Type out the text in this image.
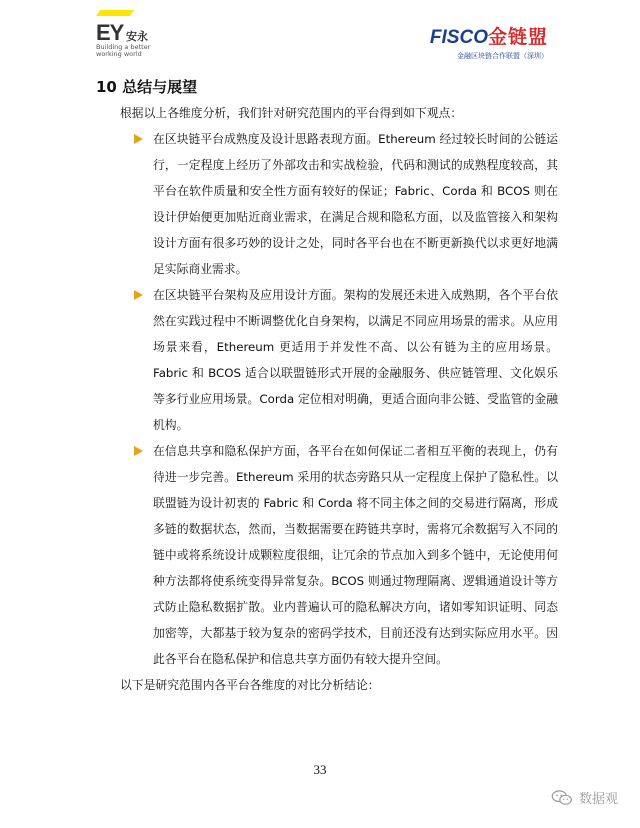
EY 安永
Building a better working world
FISCO金链盟
金融区块链合作联盟（深圳）
10 总结与展望
根据以上各维度分析，我们针对研究范围内的平台得到如下观点：
在区块链平台成熟度及设计思路表现方面。Ethereum 经过较长时间的公链运行，一定程度上经历了外部攻击和实战检验，代码和测试的成熟程度较高，其平台在软件质量和安全性方面有较好的保证；Fabric、Corda 和 BCOS 则在设计伊始便更加贴近商业需求，在满足合规和隐私方面，以及监管接入和架构设计方面有很多巧妙的设计之处，同时各平台也在不断更新换代以求更好地满足实际商业需求。
在区块链平台架构及应用设计方面。架构的发展还未进入成熟期，各个平台依然在实践过程中不断调整优化自身架构，以满足不同应用场景的需求。从应用场景来看，Ethereum 更适用于并发性不高、以公有链为主的应用场景。Fabric 和 BCOS 适合以联盟链形式开展的金融服务、供应链管理、文化娱乐等多行业应用场景。Corda 定位相对明确，更适合面向非公链、受监管的金融机构。
在信息共享和隐私保护方面，各平台在如何保证二者相互平衡的表现上，仍有待进一步完善。Ethereum 采用的状态旁路只从一定程度上保护了隐私性。以联盟链为设计初衷的 Fabric 和 Corda 将不同主体之间的交易进行隔离，形成多链的数据状态，然而，当数据需要在跨链共享时，需将冗余数据写入不同的链中或将系统设计成颗粒度很细，让冗余的节点加入到多个链中，无论使用何种方法都将使系统变得异常复杂。BCOS 则通过物理隔离、逻辑通道设计等方式防止隐私数据扩散。业内普遍认可的隐私解决方向，诸如零知识证明、同态加密等，大都基于较为复杂的密码学技术，目前还没有达到实际应用水平。因此各平台在隐私保护和信息共享方面仍有较大提升空间。
以下是研究范围内各平台各维度的对比分析结论：
33
数据观
